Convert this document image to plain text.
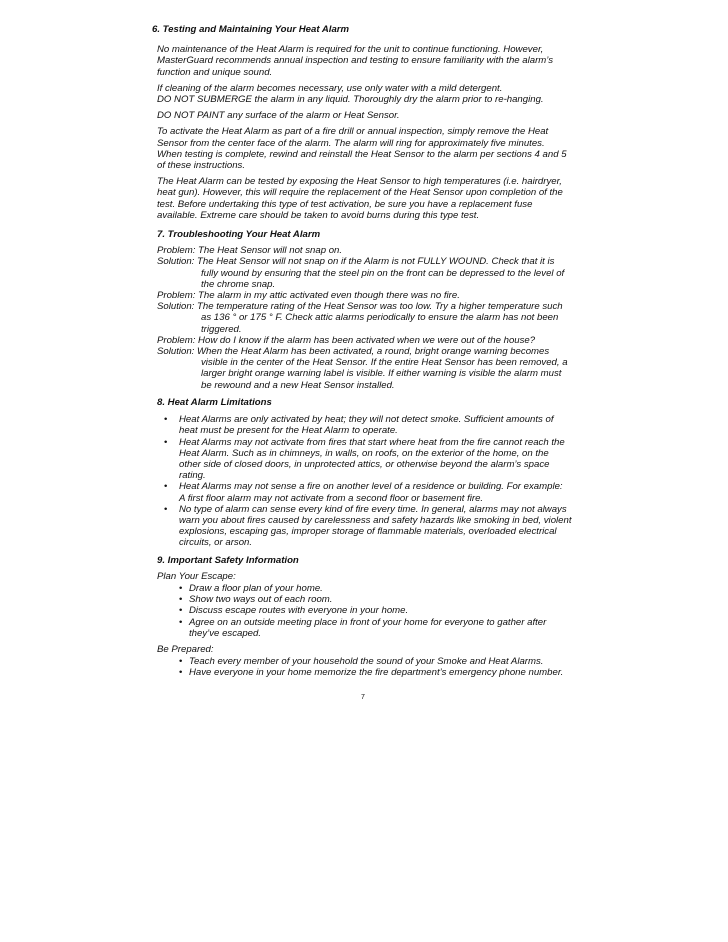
6. Testing and Maintaining Your Heat Alarm
No maintenance of the Heat Alarm is required for the unit to continue functioning. However,
MasterGuard recommends annual inspection and testing to ensure familiarity with the alarm’s
function and unique sound.
If cleaning of the alarm becomes necessary, use only water with a mild detergent.
DO NOT SUBMERGE the alarm in any liquid. Thoroughly dry the alarm prior to re-hanging.
DO NOT PAINT any surface of the alarm or Heat Sensor.
To activate the Heat Alarm as part of a fire drill or annual inspection, simply remove the Heat
Sensor from the center face of the alarm. The alarm will ring for approximately five minutes.
When testing is complete, rewind and reinstall the Heat Sensor to the alarm per sections 4 and 5
of these instructions.
The Heat Alarm can be tested by exposing the Heat Sensor to high temperatures (i.e. hairdryer,
heat gun). However, this will require the replacement of the Heat Sensor upon completion of the
test. Before undertaking this type of test activation, be sure you have a replacement fuse
available. Extreme care should be taken to avoid burns during this type test.
7. Troubleshooting Your Heat Alarm
Problem: The Heat Sensor will not snap on.
Solution: The Heat Sensor will not snap on if the Alarm is not FULLY WOUND. Check that it is
fully wound by ensuring that the steel pin on the front can be depressed to the level of
the chrome snap.
Problem: The alarm in my attic activated even though there was no fire.
Solution: The temperature rating of the Heat Sensor was too low. Try a higher temperature such
as 136 ° or 175 ° F. Check attic alarms periodically to ensure the alarm has not been
triggered.
Problem: How do I know if the alarm has been activated when we were out of the house?
Solution: When the Heat Alarm has been activated, a round, bright orange warning becomes
visible in the center of the Heat Sensor. If the entire Heat Sensor has been removed, a
larger bright orange warning label is visible. If either warning is visible the alarm must
be rewound and a new Heat Sensor installed.
8. Heat Alarm Limitations
• Heat Alarms are only activated by heat; they will not detect smoke. Sufficient amounts of
heat must be present for the Heat Alarm to operate.
• Heat Alarms may not activate from fires that start where heat from the fire cannot reach the
Heat Alarm. Such as in chimneys, in walls, on roofs, on the exterior of the home, on the
other side of closed doors, in unprotected attics, or otherwise beyond the alarm’s space
rating.
• Heat Alarms may not sense a fire on another level of a residence or building. For example:
A first floor alarm may not activate from a second floor or basement fire.
• No type of alarm can sense every kind of fire every time. In general, alarms may not always
warn you about fires caused by carelessness and safety hazards like smoking in bed, violent
explosions, escaping gas, improper storage of flammable materials, overloaded electrical
circuits, or arson.
9. Important Safety Information
Plan Your Escape:
• Draw a floor plan of your home.
• Show two ways out of each room.
• Discuss escape routes with everyone in your home.
• Agree on an outside meeting place in front of your home for everyone to gather after
they’ve escaped.
Be Prepared:
• Teach every member of your household the sound of your Smoke and Heat Alarms.
• Have everyone in your home memorize the fire department’s emergency phone number.
7
